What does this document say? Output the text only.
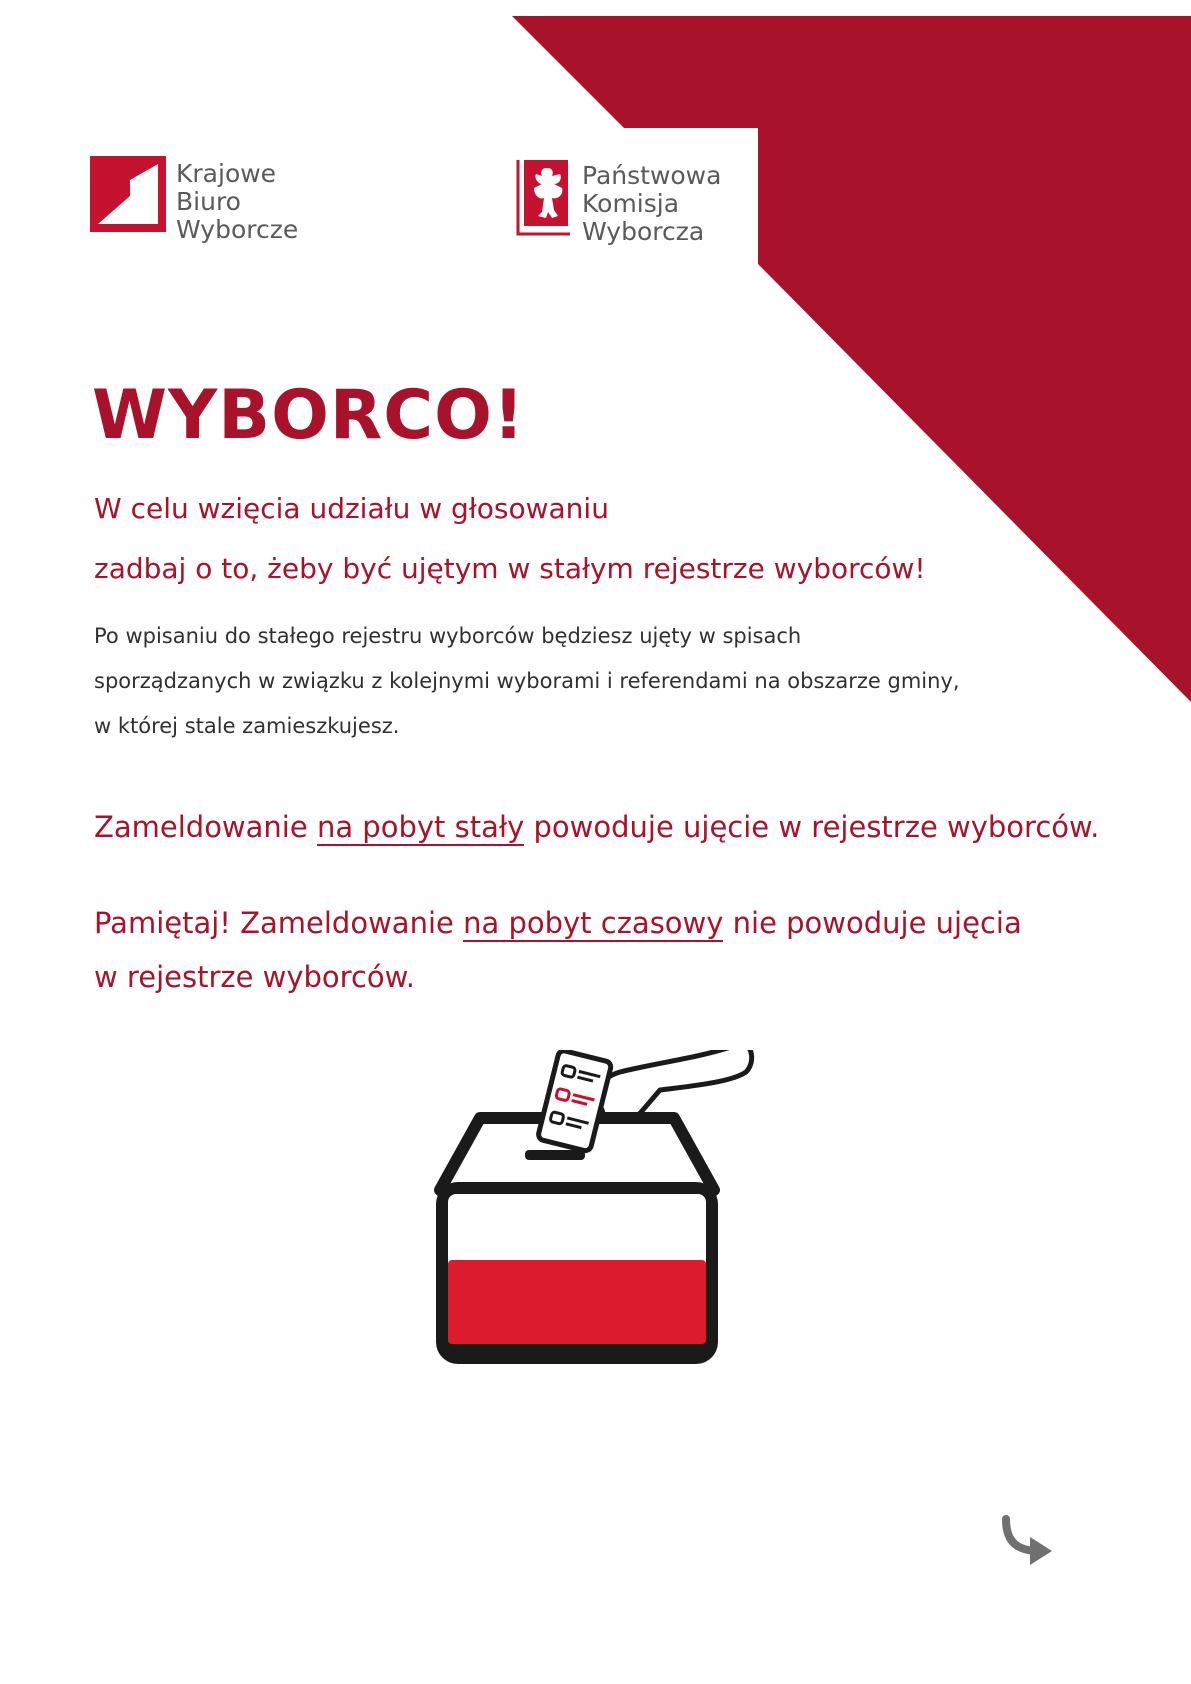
Krajowe
Biuro
Wyborcze
Państwowa
Komisja
Wyborcza
WYBORCO!

W celu wzięcia udziału w głosowaniu

zadbaj o to, żeby być ujętym w stałym rejestrze wyborców!

Po wpisaniu do stałego rejestru wyborców będziesz ujęty w spisach
sporządzanych w związku z kolejnymi wyborami i referendami na obszarze gminy,
w której stale zamieszkujesz.

Zameldowanie na pobyt stały powoduje ujęcie w rejestrze wyborców.

Pamiętaj! Zameldowanie na pobyt czasowy nie powoduje ujęcia
w rejestrze wyborców.
